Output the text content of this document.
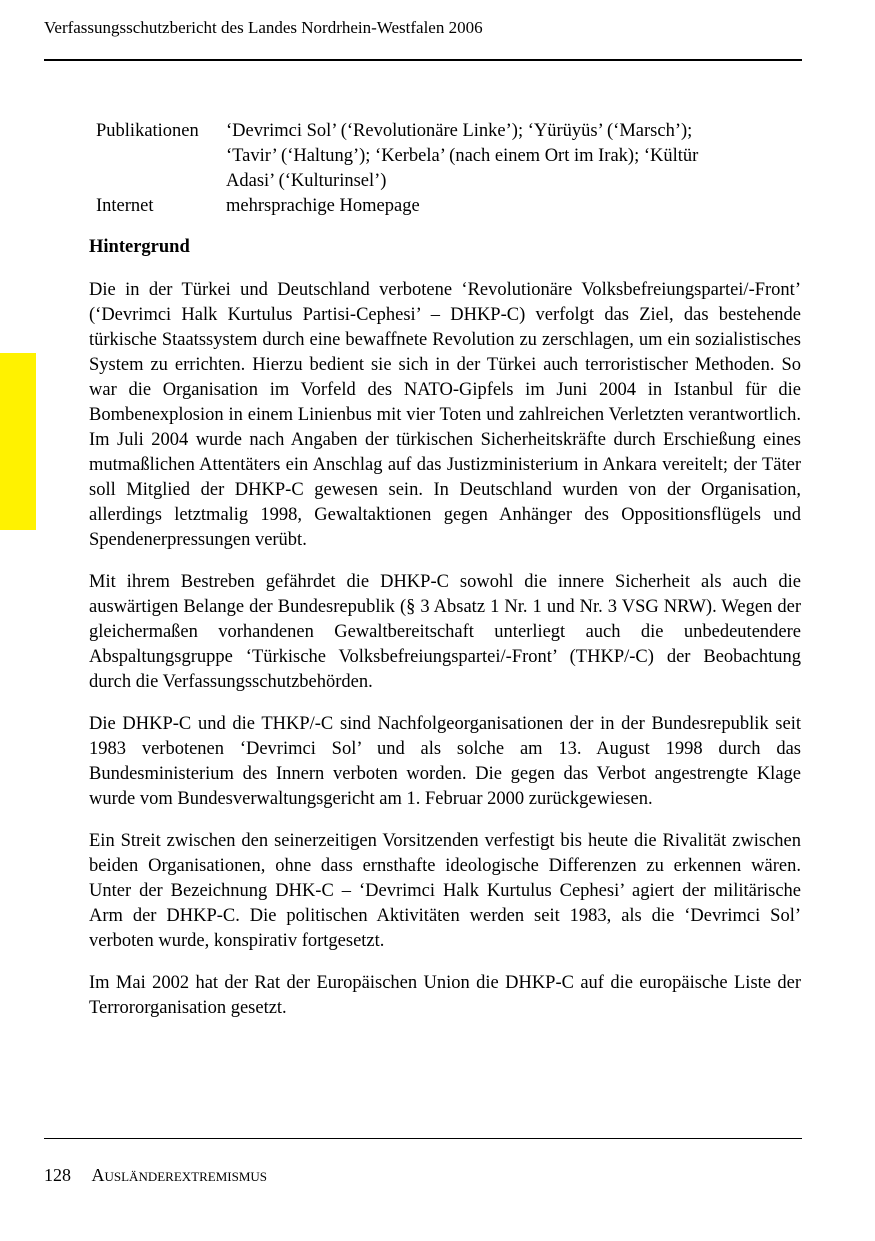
Verfassungsschutzbericht des Landes Nordrhein-Westfalen 2006
Publikationen	‘Devrimci Sol’ (‘Revolutionäre Linke’); ‘Yürüyüs’ (‘Marsch’);
‘Tavir’ (‘Haltung’); ‘Kerbela’ (nach einem Ort im Irak); ‘Kültür
Adasi’ (‘Kulturinsel’)
Internet	mehrsprachige Homepage
Hintergrund

Die in der Türkei und Deutschland verbotene ‘Revolutionäre Volksbefreiungspartei/-Front’ (‘Devrimci Halk Kurtulus Partisi-Cephesi’ – DHKP-C) verfolgt das Ziel, das bestehende türkische Staatssystem durch eine bewaffnete Revolution zu zerschlagen, um ein sozialistisches System zu errichten. Hierzu bedient sie sich in der Türkei auch terroristischer Methoden. So war die Organisation im Vorfeld des NATO-Gipfels im Juni 2004 in Istanbul für die Bombenexplosion in einem Linienbus mit vier Toten und zahlreichen Verletzten verantwortlich. Im Juli 2004 wurde nach Angaben der türkischen Sicherheitskräfte durch Erschießung eines mutmaßlichen Attentäters ein Anschlag auf das Justizministerium in Ankara vereitelt; der Täter soll Mitglied der DHKP-C gewesen sein. In Deutschland wurden von der Organisation, allerdings letztmalig 1998, Gewaltaktionen gegen Anhänger des Oppositionsflügels und Spendenerpressungen verübt.

Mit ihrem Bestreben gefährdet die DHKP-C sowohl die innere Sicherheit als auch die auswärtigen Belange der Bundesrepublik (§ 3 Absatz 1 Nr. 1 und Nr. 3 VSG NRW). Wegen der gleichermaßen vorhandenen Gewaltbereitschaft unterliegt auch die unbedeutendere Abspaltungsgruppe ‘Türkische Volksbefreiungspartei/-Front’ (THKP/-C) der Beobachtung durch die Verfassungsschutzbehörden.

Die DHKP-C und die THKP/-C sind Nachfolgeorganisationen der in der Bundesrepublik seit 1983 verbotenen ‘Devrimci Sol’ und als solche am 13. August 1998 durch das Bundesministerium des Innern verboten worden. Die gegen das Verbot angestrengte Klage wurde vom Bundesverwaltungsgericht am 1. Februar 2000 zurückgewiesen.

Ein Streit zwischen den seinerzeitigen Vorsitzenden verfestigt bis heute die Rivalität zwischen beiden Organisationen, ohne dass ernsthafte ideologische Differenzen zu erkennen wären. Unter der Bezeichnung DHK-C – ‘Devrimci Halk Kurtulus Cephesi’ agiert der militärische Arm der DHKP-C. Die politischen Aktivitäten werden seit 1983, als die ‘Devrimci Sol’ verboten wurde, konspirativ fortgesetzt.

Im Mai 2002 hat der Rat der Europäischen Union die DHKP-C auf die europäische Liste der Terrororganisation gesetzt.

128 Ausländerextremismus
